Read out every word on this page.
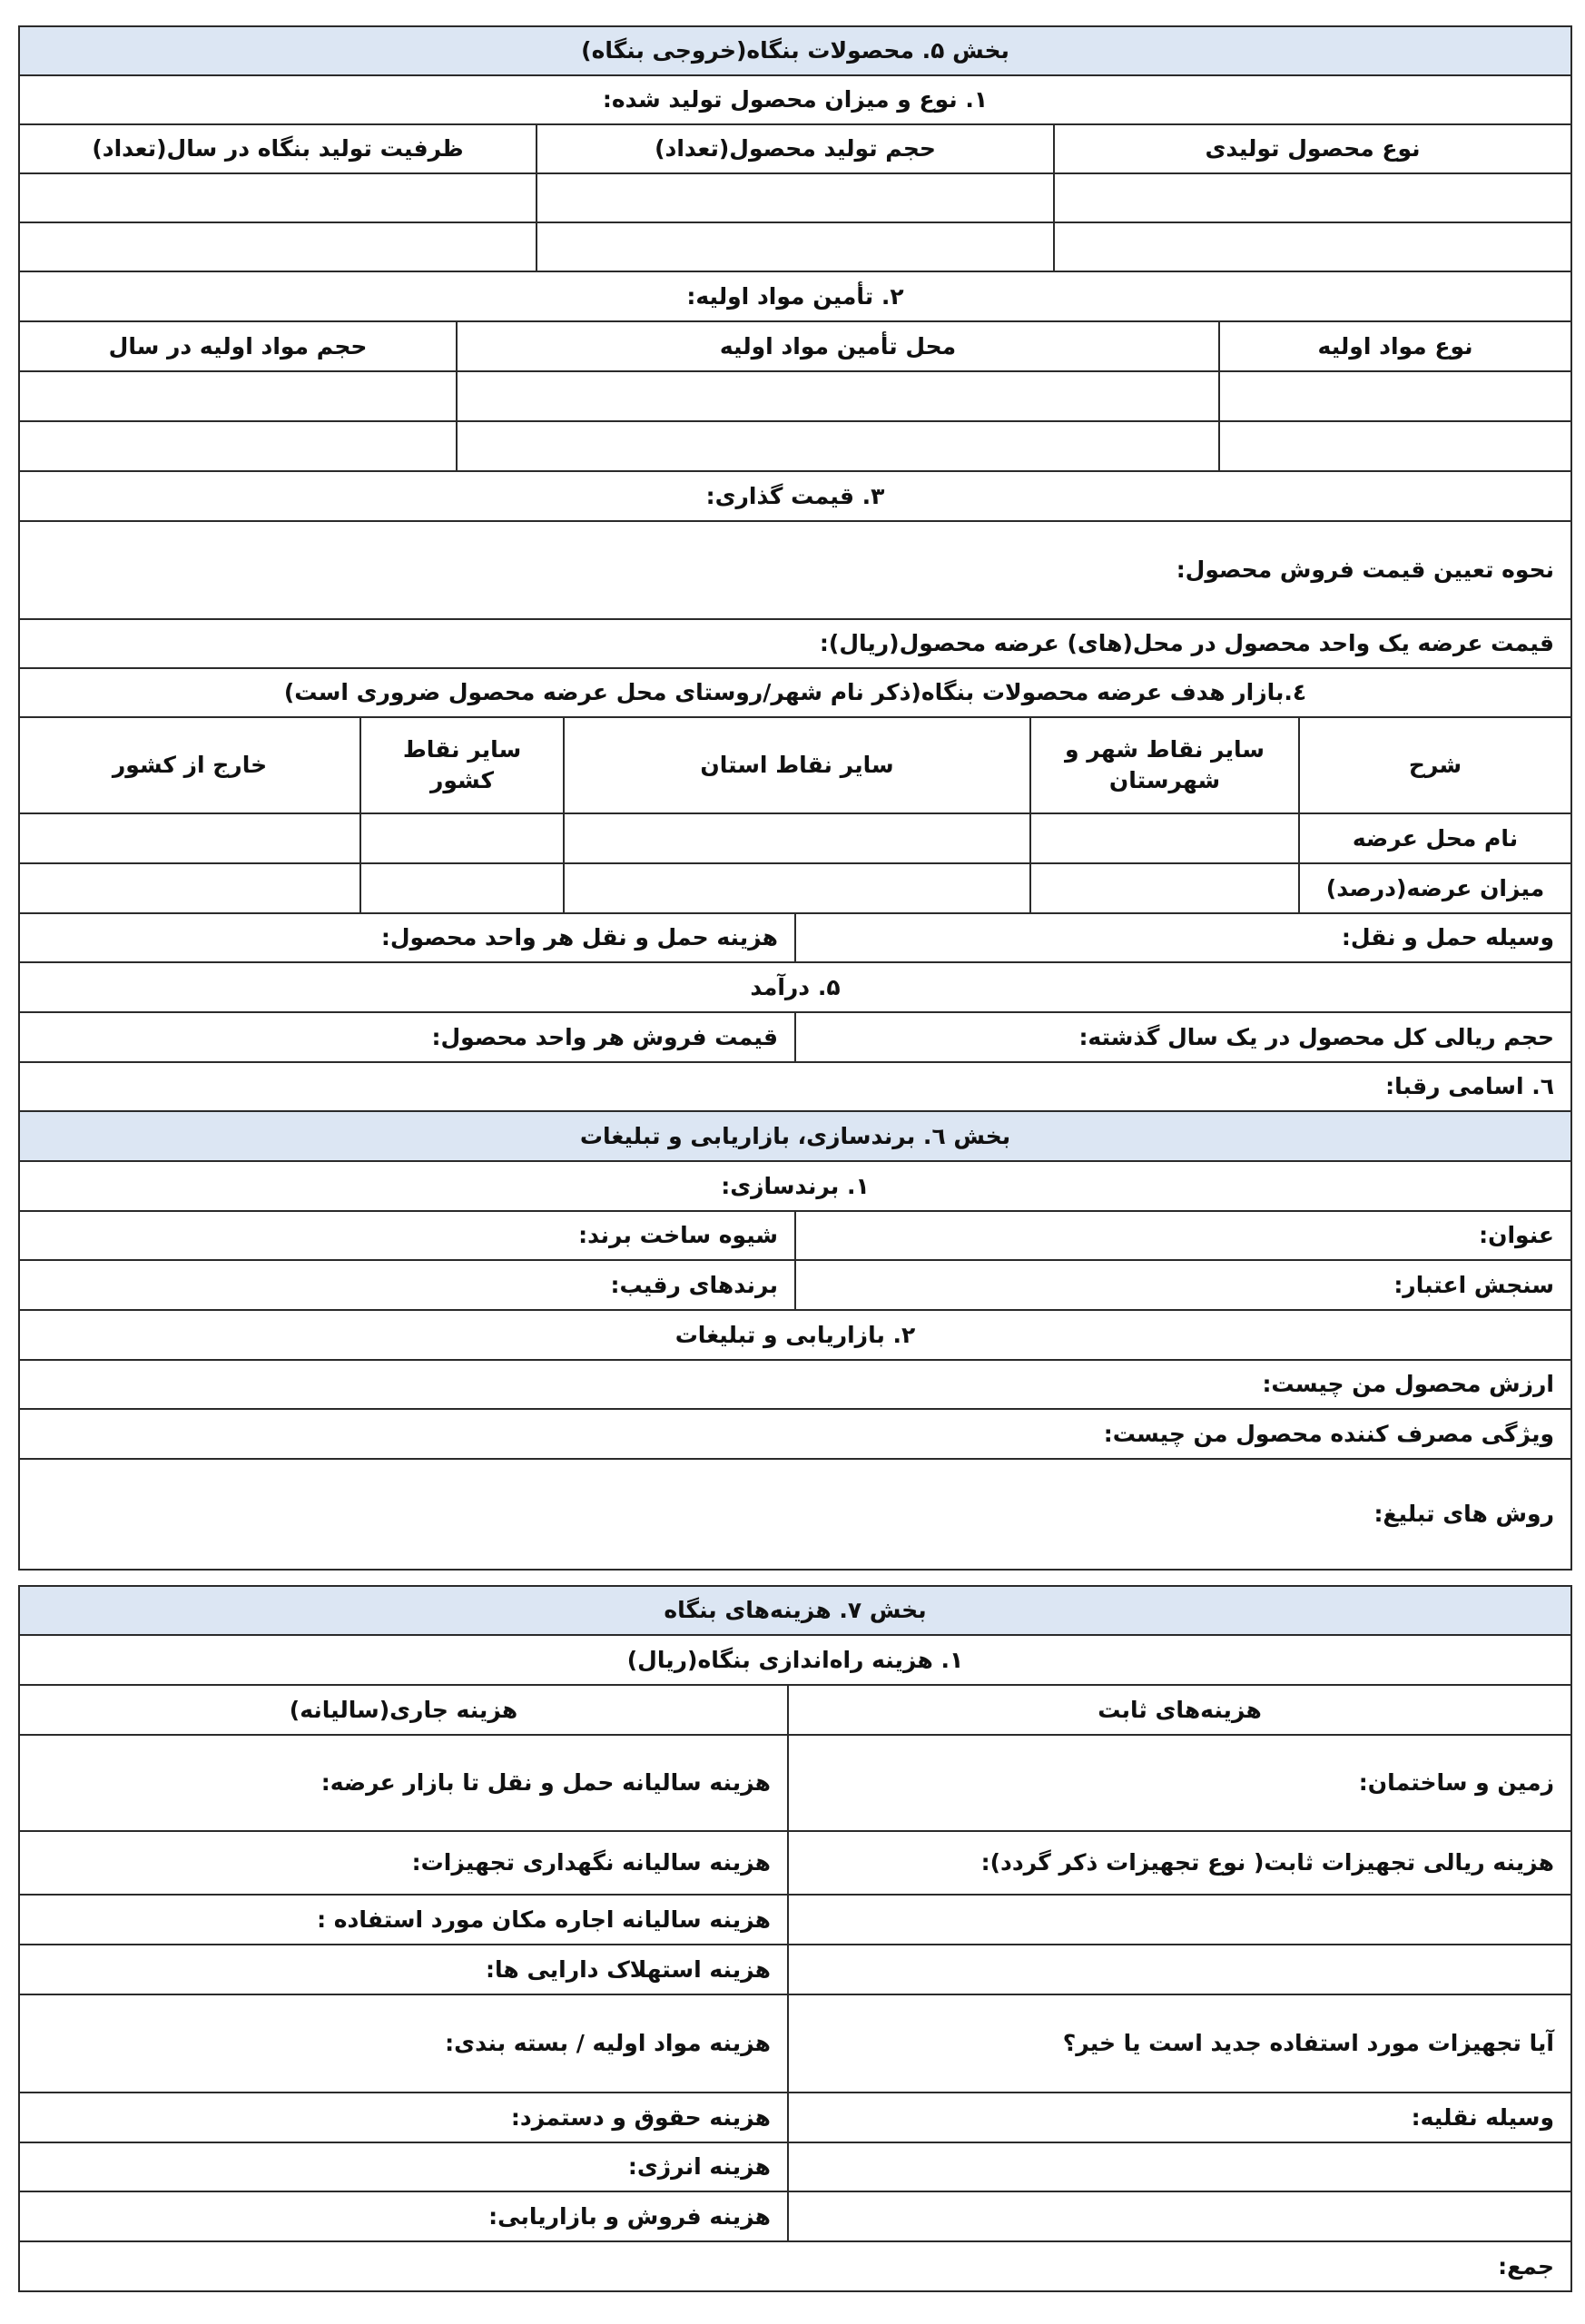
بخش ۵. محصولات بنگاه(خروجی بنگاه)		
۱. نوع و میزان محصول تولید شده:		
نوع محصول تولیدی	حجم تولید محصول(تعداد)	ظرفیت تولید بنگاه در سال(تعداد)

۲. تأمین مواد اولیه:		
نوع مواد اولیه	محل تأمین مواد اولیه	حجم مواد اولیه در سال

۳. قیمت گذاری:
نحوه تعیین قیمت فروش محصول:
قیمت عرضه یک واحد محصول در محل(های) عرضه محصول(ریال):
٤.بازار هدف عرضه محصولات بنگاه(ذکر نام شهر/روستای محل عرضه محصول ضروری است)
شرح	سایر نقاط شهر و شهرستان	سایر نقاط استان	سایر نقاط کشور	خارج از کشور
نام محل عرضه				
میزان عرضه(درصد)				
وسیله حمل و نقل:	هزینه حمل و نقل هر واحد محصول:
۵. درآمد	
حجم ریالی کل محصول در یک سال گذشته:	قیمت فروش هر واحد محصول:
٦. اسامی رقبا:	
بخش ٦. برندسازی، بازاریابی و تبلیغات	
۱. برندسازی:	
عنوان:	شیوه ساخت برند:
سنجش اعتبار:	برندهای رقیب:
۲. بازاریابی و تبلیغات
ارزش محصول من چیست:
ویژگی مصرف کننده محصول من چیست:
روش های تبلیغ:
بخش ۷. هزینه‌های بنگاه	
۱. هزینه راه‌اندازی بنگاه(ریال)	
هزینه‌های ثابت	هزینه جاری(سالیانه)
زمین و ساختمان:	هزینه سالیانه حمل و نقل تا بازار عرضه:
هزینه ریالی تجهیزات ثابت( نوع تجهیزات ذکر گردد):	هزینه سالیانه نگهداری تجهیزات:
	هزینه سالیانه اجاره مکان مورد استفاده :
	هزینه استهلاک دارایی ها:
آیا تجهیزات مورد استفاده جدید است یا خیر؟	هزینه مواد اولیه / بسته بندی:
وسیله نقلیه:	هزینه حقوق و دستمزد:
	هزینه انرژی:
	هزینه فروش و بازاریابی:
جمع:	
